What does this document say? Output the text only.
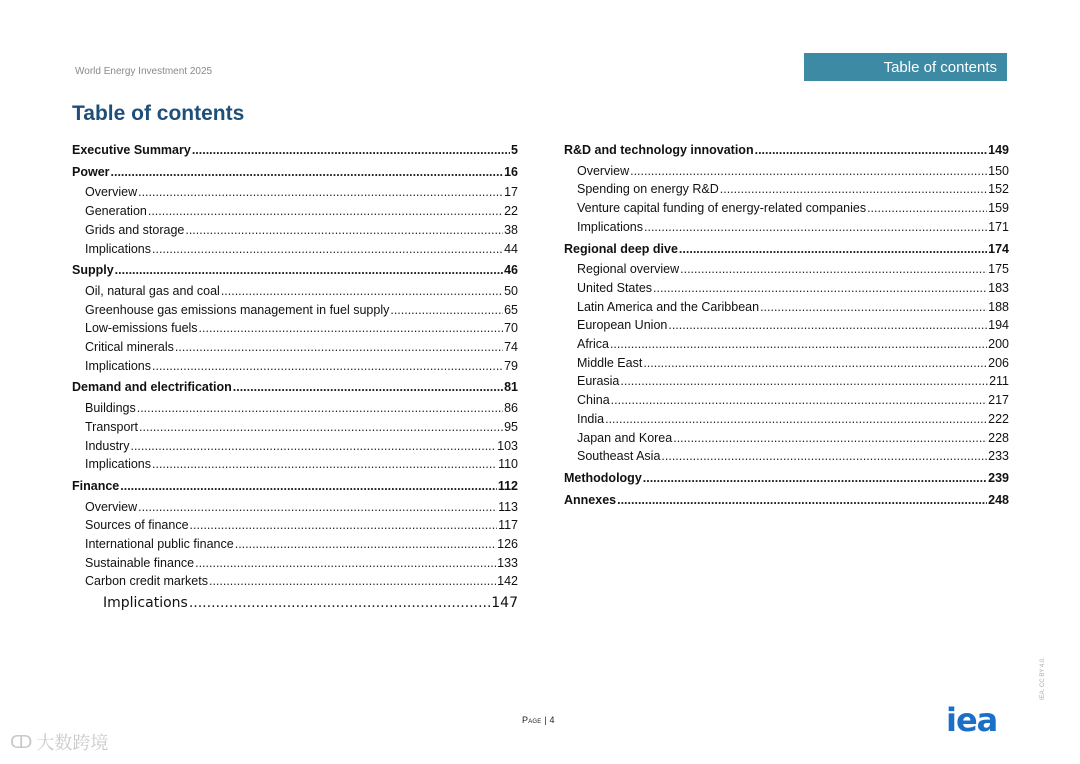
World Energy Investment 2025	Table of contents
Table of contents
Executive Summary .....	5
Power .....	16
Overview .....	17
Generation .....	22
Grids and storage .....	38
Implications .....	44
Supply .....	46
Oil, natural gas and coal .....	50
Greenhouse gas emissions management in fuel supply .....	65
Low-emissions fuels .....	70
Critical minerals .....	74
Implications .....	79
Demand and electrification .....	81
Buildings .....	86
Transport .....	95
Industry .....	103
Implications .....	110
Finance .....	112
Overview .....	113
Sources of finance .....	117
International public finance .....	126
Sustainable finance .....	133
Carbon credit markets .....	142
Implications .....	147
R&D and technology innovation .....	149
Overview .....	150
Spending on energy R&D .....	152
Venture capital funding of energy-related companies .....	159
Implications .....	171
Regional deep dive .....	174
Regional overview .....	175
United States .....	183
Latin America and the Caribbean .....	188
European Union .....	194
Africa .....	200
Middle East .....	206
Eurasia .....	211
China .....	217
India .....	222
Japan and Korea .....	228
Southeast Asia .....	233
Methodology .....	239
Annexes .....	248
Page | 4	iea
IEA. CC BY 4.0.
ↀ 大数跨境
